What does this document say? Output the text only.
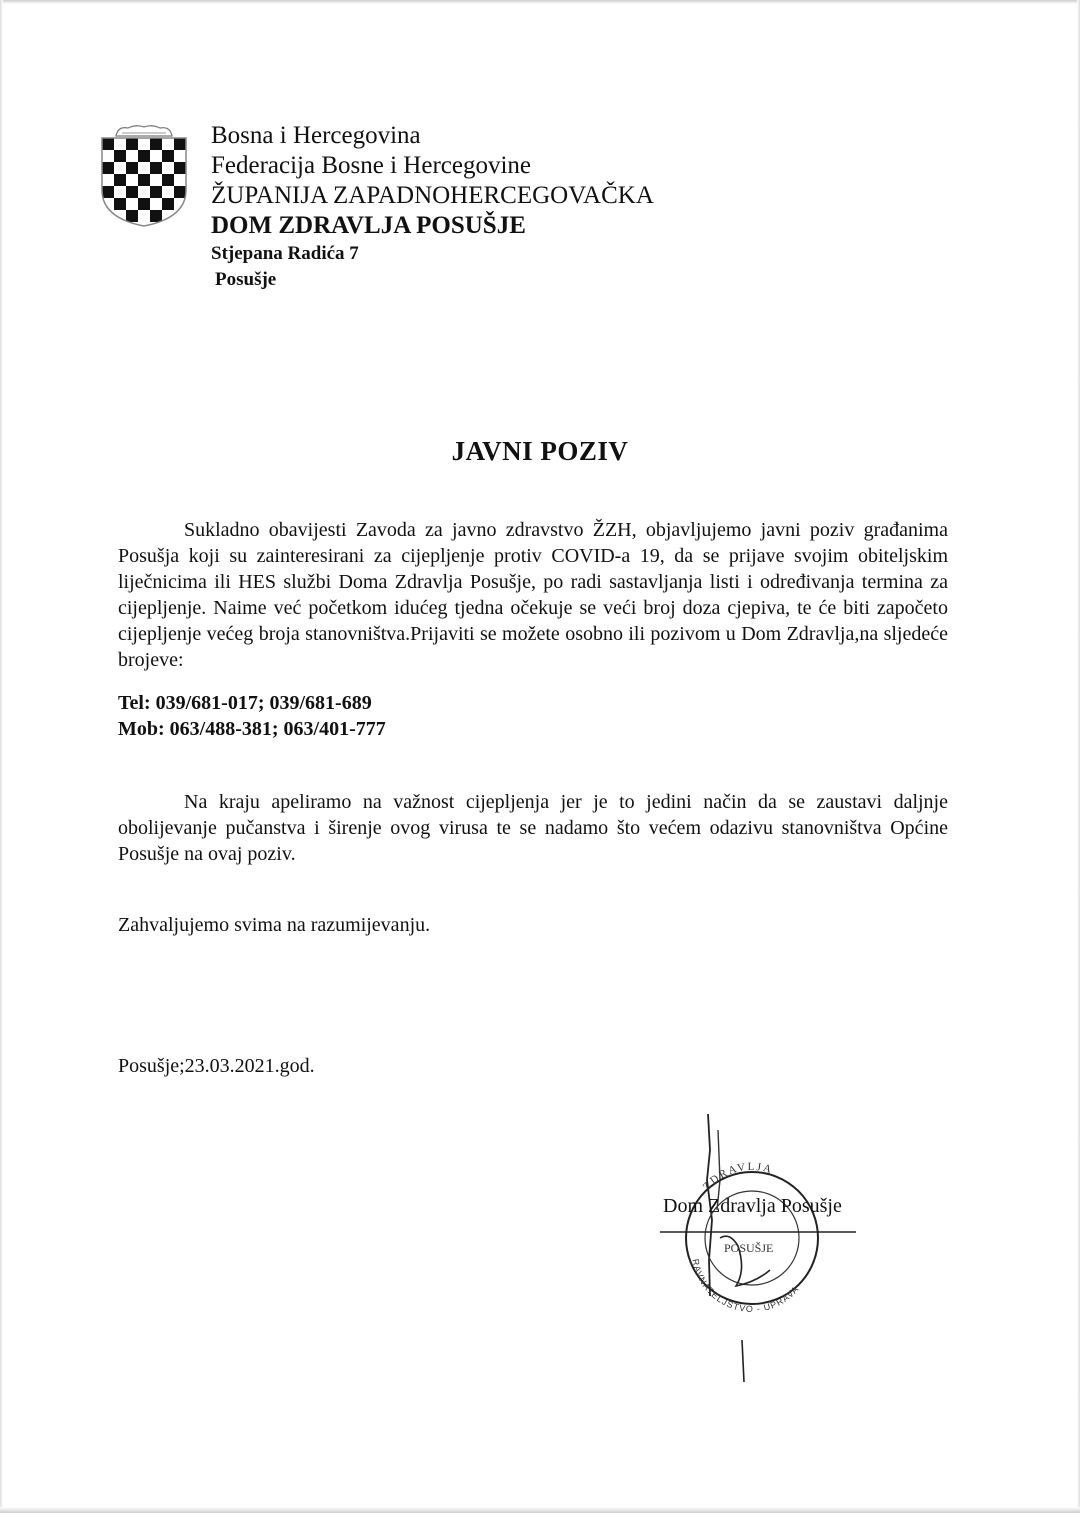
Bosna i Hercegovina
Federacija Bosne i Hercegovine
ŽUPANIJA ZAPADNOHERCEGOVAČKA
DOM ZDRAVLJA POSUŠJE
Stjepana Radića 7
Posušje
JAVNI POZIV

Sukladno obavijesti Zavoda za javno zdravstvo ŽZH, objavljujemo javni poziv građanima Posušja koji su zainteresirani za cijepljenje protiv COVID-a 19, da se prijave svojim obiteljskim liječnicima ili HES službi Doma Zdravlja Posušje, po radi sastavljanja listi i određivanja termina za cijepljenje. Naime već početkom idućeg tjedna očekuje se veći broj doza cjepiva, te će biti započeto cijepljenje većeg broja stanovništva.Prijaviti se možete osobno ili pozivom u Dom Zdravlja,na sljedeće brojeve:

Tel: 039/681-017; 039/681-689
Mob: 063/488-381; 063/401-777

Na kraju apeliramo na važnost cijepljenja jer je to jedini način da se zaustavi daljnje obolijevanje pučanstva i širenje ovog virusa te se nadamo što većem odazivu stanovništva Općine Posušje na ovaj poziv.

Zahvaljujemo svima na razumijevanju.
Posušje;23.03.2021.god.
ZDRAVLJA
POSUŠJE
RAVNATELJSTVO - UPRAVA
Dom Zdravlja Posušje
